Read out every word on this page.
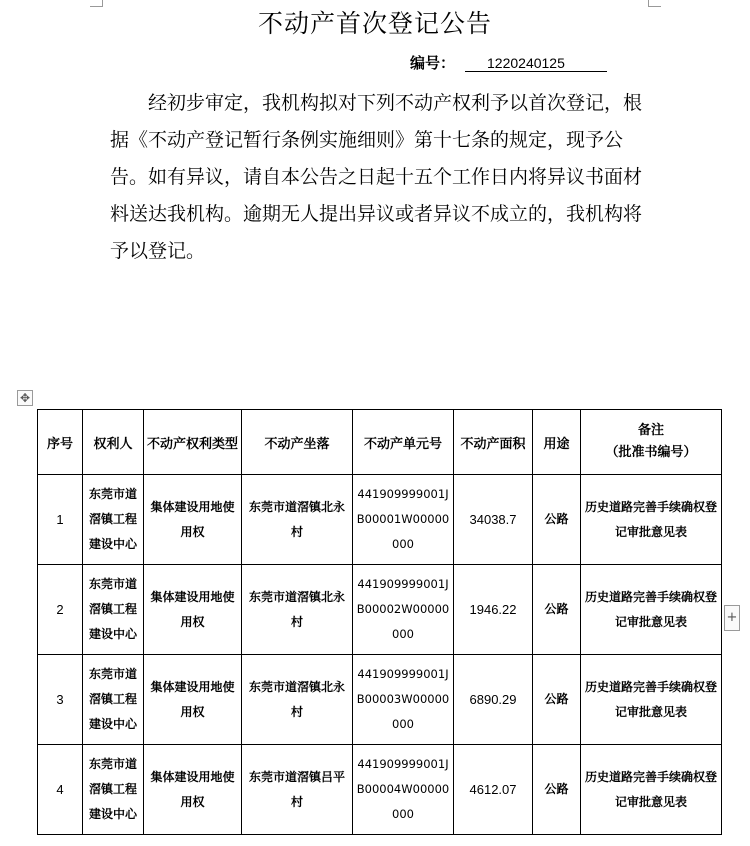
不动产首次登记公告
编号： 1220240125
经初步审定，我机构拟对下列不动产权利予以首次登记，根据《不动产登记暂行条例实施细则》第十七条的规定，现予公告。如有异议，请自本公告之日起十五个工作日内将异议书面材料送达我机构。逾期无人提出异议或者异议不成立的，我机构将予以登记。
✥
+
序号	权利人	不动产权利类型	不动产坐落	不动产单元号	不动产面积	用途	备注
（批准书编号）

1	东莞市道滘镇工程建设中心	集体建设用地使用权	东莞市道滘镇北永村	441909999001JB00001W00000000	34038.7	公路	历史道路完善手续确权登记审批意见表
2	东莞市道滘镇工程建设中心	集体建设用地使用权	东莞市道滘镇北永村	441909999001JB00002W00000000	1946.22	公路	历史道路完善手续确权登记审批意见表
3	东莞市道滘镇工程建设中心	集体建设用地使用权	东莞市道滘镇北永村	441909999001JB00003W00000000	6890.29	公路	历史道路完善手续确权登记审批意见表
4	东莞市道滘镇工程建设中心	集体建设用地使用权	东莞市道滘镇吕平村	441909999001JB00004W00000000	4612.07	公路	历史道路完善手续确权登记审批意见表
